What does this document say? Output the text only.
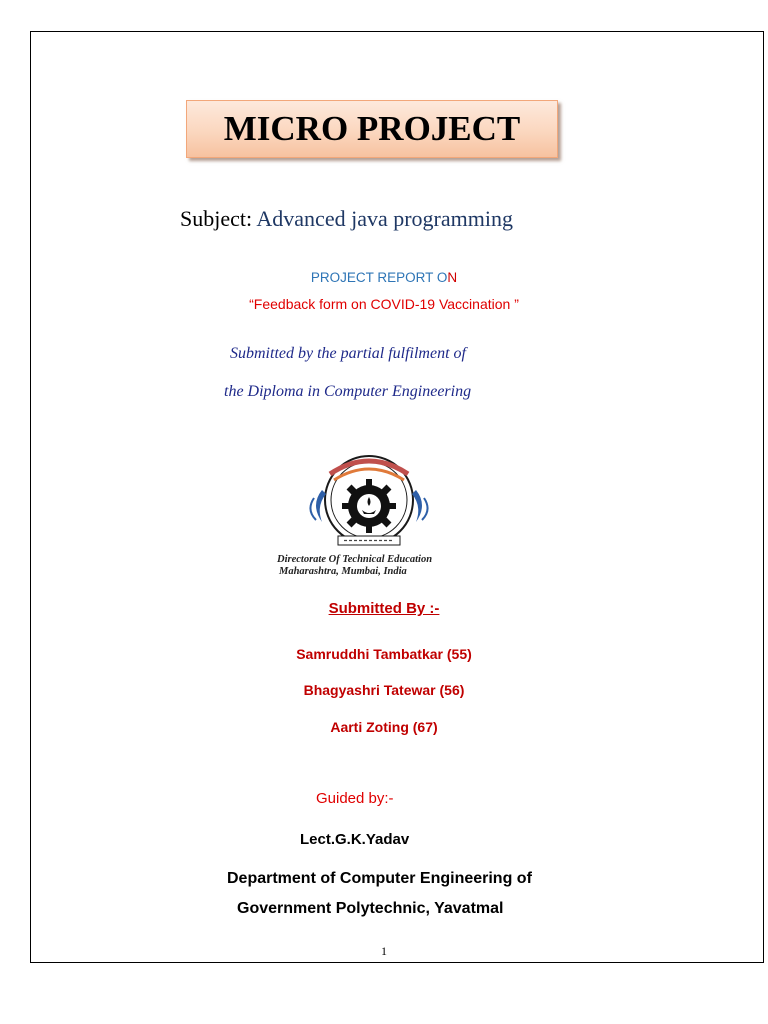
MICRO PROJECT
Subject: Advanced java programming
PROJECT REPORT ON
“Feedback form on COVID-19 Vaccination ”
Submitted by the partial fulfilment of
the Diploma in Computer Engineering
Directorate Of Technical Education
Maharashtra, Mumbai, India
Submitted By :-
Samruddhi Tambatkar (55)
Bhagyashri Tatewar (56)
Aarti Zoting (67)
Guided by:-
Lect.G.K.Yadav
Department of Computer Engineering of
Government Polytechnic, Yavatmal
1
